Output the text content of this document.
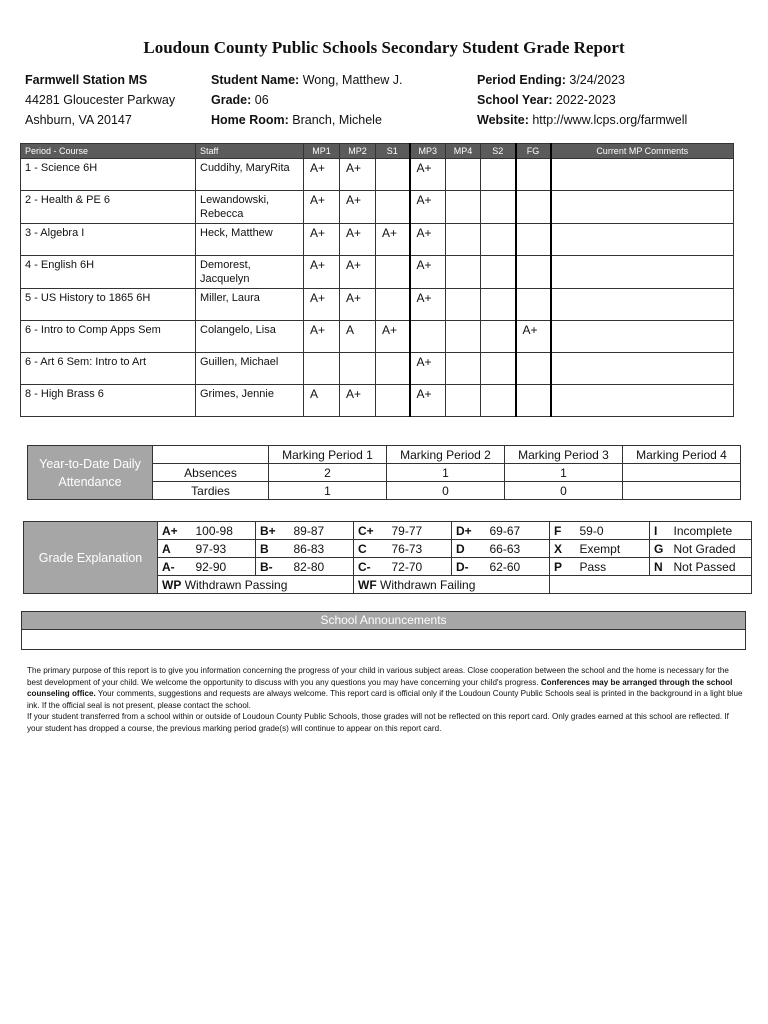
Loudoun County Public Schools Secondary Student Grade Report
Farmwell Station MS
44281 Gloucester Parkway
Ashburn, VA 20147
Student Name: Wong, Matthew J.
Grade: 06
Home Room: Branch, Michele
Period Ending: 3/24/2023
School Year: 2022-2023
Website: http://www.lcps.org/farmwell
Period - Course	Staff	MP1	MP2	S1	MP3	MP4	S2	FG	Current MP Comments
1 - Science 6H	Cuddihy, MaryRita	A+	A+		A+				
2 - Health & PE 6	Lewandowski, Rebecca	A+	A+		A+				
3 - Algebra I	Heck, Matthew	A+	A+	A+	A+				
4 - English 6H	Demorest, Jacquelyn	A+	A+		A+				
5 - US History to 1865 6H	Miller, Laura	A+	A+		A+				
6 - Intro to Comp Apps Sem	Colangelo, Lisa	A+	A	A+				A+	
6 - Art 6 Sem: Intro to Art	Guillen, Michael				A+				
8 - High Brass 6	Grimes, Jennie	A	A+		A+				
Year-to-Date Daily Attendance		Marking Period 1	Marking Period 2	Marking Period 3	Marking Period 4
	Absences	2	1	1	
	Tardies	1	0	0	
Grade Explanation	A+	100-98	B+	89-87	C+	79-77	D+	69-67	F	59-0	I	Incomplete
	A	97-93	B	86-83	C	76-73	D	66-63	X	Exempt	G	Not Graded
	A-	92-90	B-	82-80	C-	72-70	D-	62-60	P	Pass	N	Not Passed
	WP Withdrawn Passing				WF Withdrawn Failing							
School Announcements

The primary purpose of this report is to give you information concerning the progress of your child in various subject areas. Close cooperation between the school and the home is necessary for the best development of your child. We welcome the opportunity to discuss with you any questions you may have concerning your child's progress. Conferences may be arranged through the school counseling office. Your comments, suggestions and requests are always welcome. This report card is official only if the Loudoun County Public Schools seal is printed in the background in a light blue ink. If the official seal is not present, please contact the school.

If your student transferred from a school within or outside of Loudoun County Public Schools, those grades will not be reflected on this report card. Only grades earned at this school are reflected. If your student has dropped a course, the previous marking period grade(s) will continue to appear on this report card.
